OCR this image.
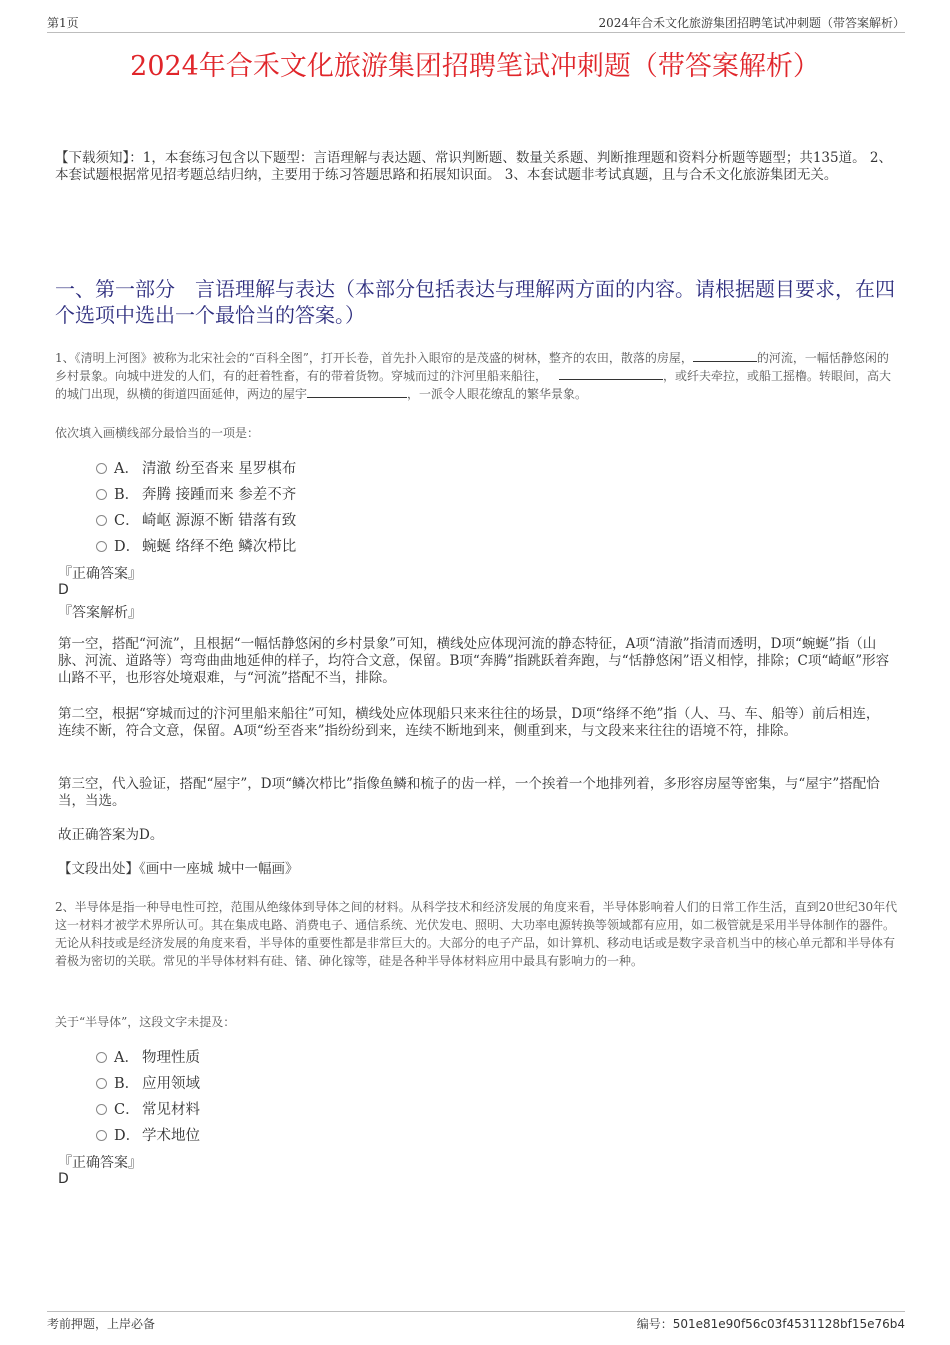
第1页	2024年合禾文化旅游集团招聘笔试冲刺题（带答案解析）
2024年合禾文化旅游集团招聘笔试冲刺题（带答案解析）
【下载须知】：1，本套练习包含以下题型：言语理解与表达题、常识判断题、数量关系题、判断推理题和资料分析题等题型；共135道。 2、本套试题根据常见招考题总结归纳，主要用于练习答题思路和拓展知识面。 3、本套试题非考试真题，且与合禾文化旅游集团无关。
一、第一部分　言语理解与表达（本部分包括表达与理解两方面的内容。请根据题目要求，在四个选项中选出一个最恰当的答案。）
1、《清明上河图》被称为北宋社会的“百科全图”，打开长卷，首先扑入眼帘的是茂盛的树林，整齐的农田，散落的房屋，	的河流，一幅恬静悠闲的乡村景象。向城中进发的人们，有的赶着牲畜，有的带着货物。穿城而过的汴河里船来船往，	，或纤夫牵拉，或船工摇橹。转眼间，高大的城门出现，纵横的街道四面延伸，两边的屋宇	，一派令人眼花缭乱的繁华景象。
依次填入画横线部分最恰当的一项是：
A． 清澈 纷至沓来 星罗棋布
B． 奔腾 接踵而来 参差不齐
C． 崎岖 源源不断 错落有致
D． 蜿蜒 络绎不绝 鳞次栉比
『正确答案』
D
『答案解析』
第一空，搭配“河流”，且根据“一幅恬静悠闲的乡村景象”可知，横线处应体现河流的静态特征，A项“清澈”指清而透明，D项“蜿蜒”指（山脉、河流、道路等）弯弯曲曲地延伸的样子，均符合文意，保留。B项“奔腾”指跳跃着奔跑，与“恬静悠闲”语义相悖，排除；C项“崎岖”形容山路不平，也形容处境艰难，与“河流”搭配不当，排除。
第二空，根据“穿城而过的汴河里船来船往”可知，横线处应体现船只来来往往的场景，D项“络绎不绝”指（人、马、车、船等）前后相连，连续不断，符合文意，保留。A项“纷至沓来”指纷纷到来，连续不断地到来，侧重到来，与文段来来往往的语境不符，排除。
第三空，代入验证，搭配“屋宇”，D项“鳞次栉比”指像鱼鳞和梳子的齿一样，一个挨着一个地排列着，多形容房屋等密集，与“屋宇”搭配恰当，当选。
故正确答案为D。
【文段出处】《画中一座城 城中一幅画》
2、半导体是指一种导电性可控，范围从绝缘体到导体之间的材料。从科学技术和经济发展的角度来看，半导体影响着人们的日常工作生活，直到20世纪30年代这一材料才被学术界所认可。其在集成电路、消费电子、通信系统、光伏发电、照明、大功率电源转换等领域都有应用，如二极管就是采用半导体制作的器件。无论从科技或是经济发展的角度来看，半导体的重要性都是非常巨大的。大部分的电子产品，如计算机、移动电话或是数字录音机当中的核心单元都和半导体有着极为密切的关联。常见的半导体材料有硅、锗、砷化镓等，硅是各种半导体材料应用中最具有影响力的一种。
关于“半导体”，这段文字未提及：
A． 物理性质
B． 应用领域
C． 常见材料
D． 学术地位
『正确答案』
D
考前押题，上岸必备	编号：501e81e90f56c03f4531128bf15e76b4
